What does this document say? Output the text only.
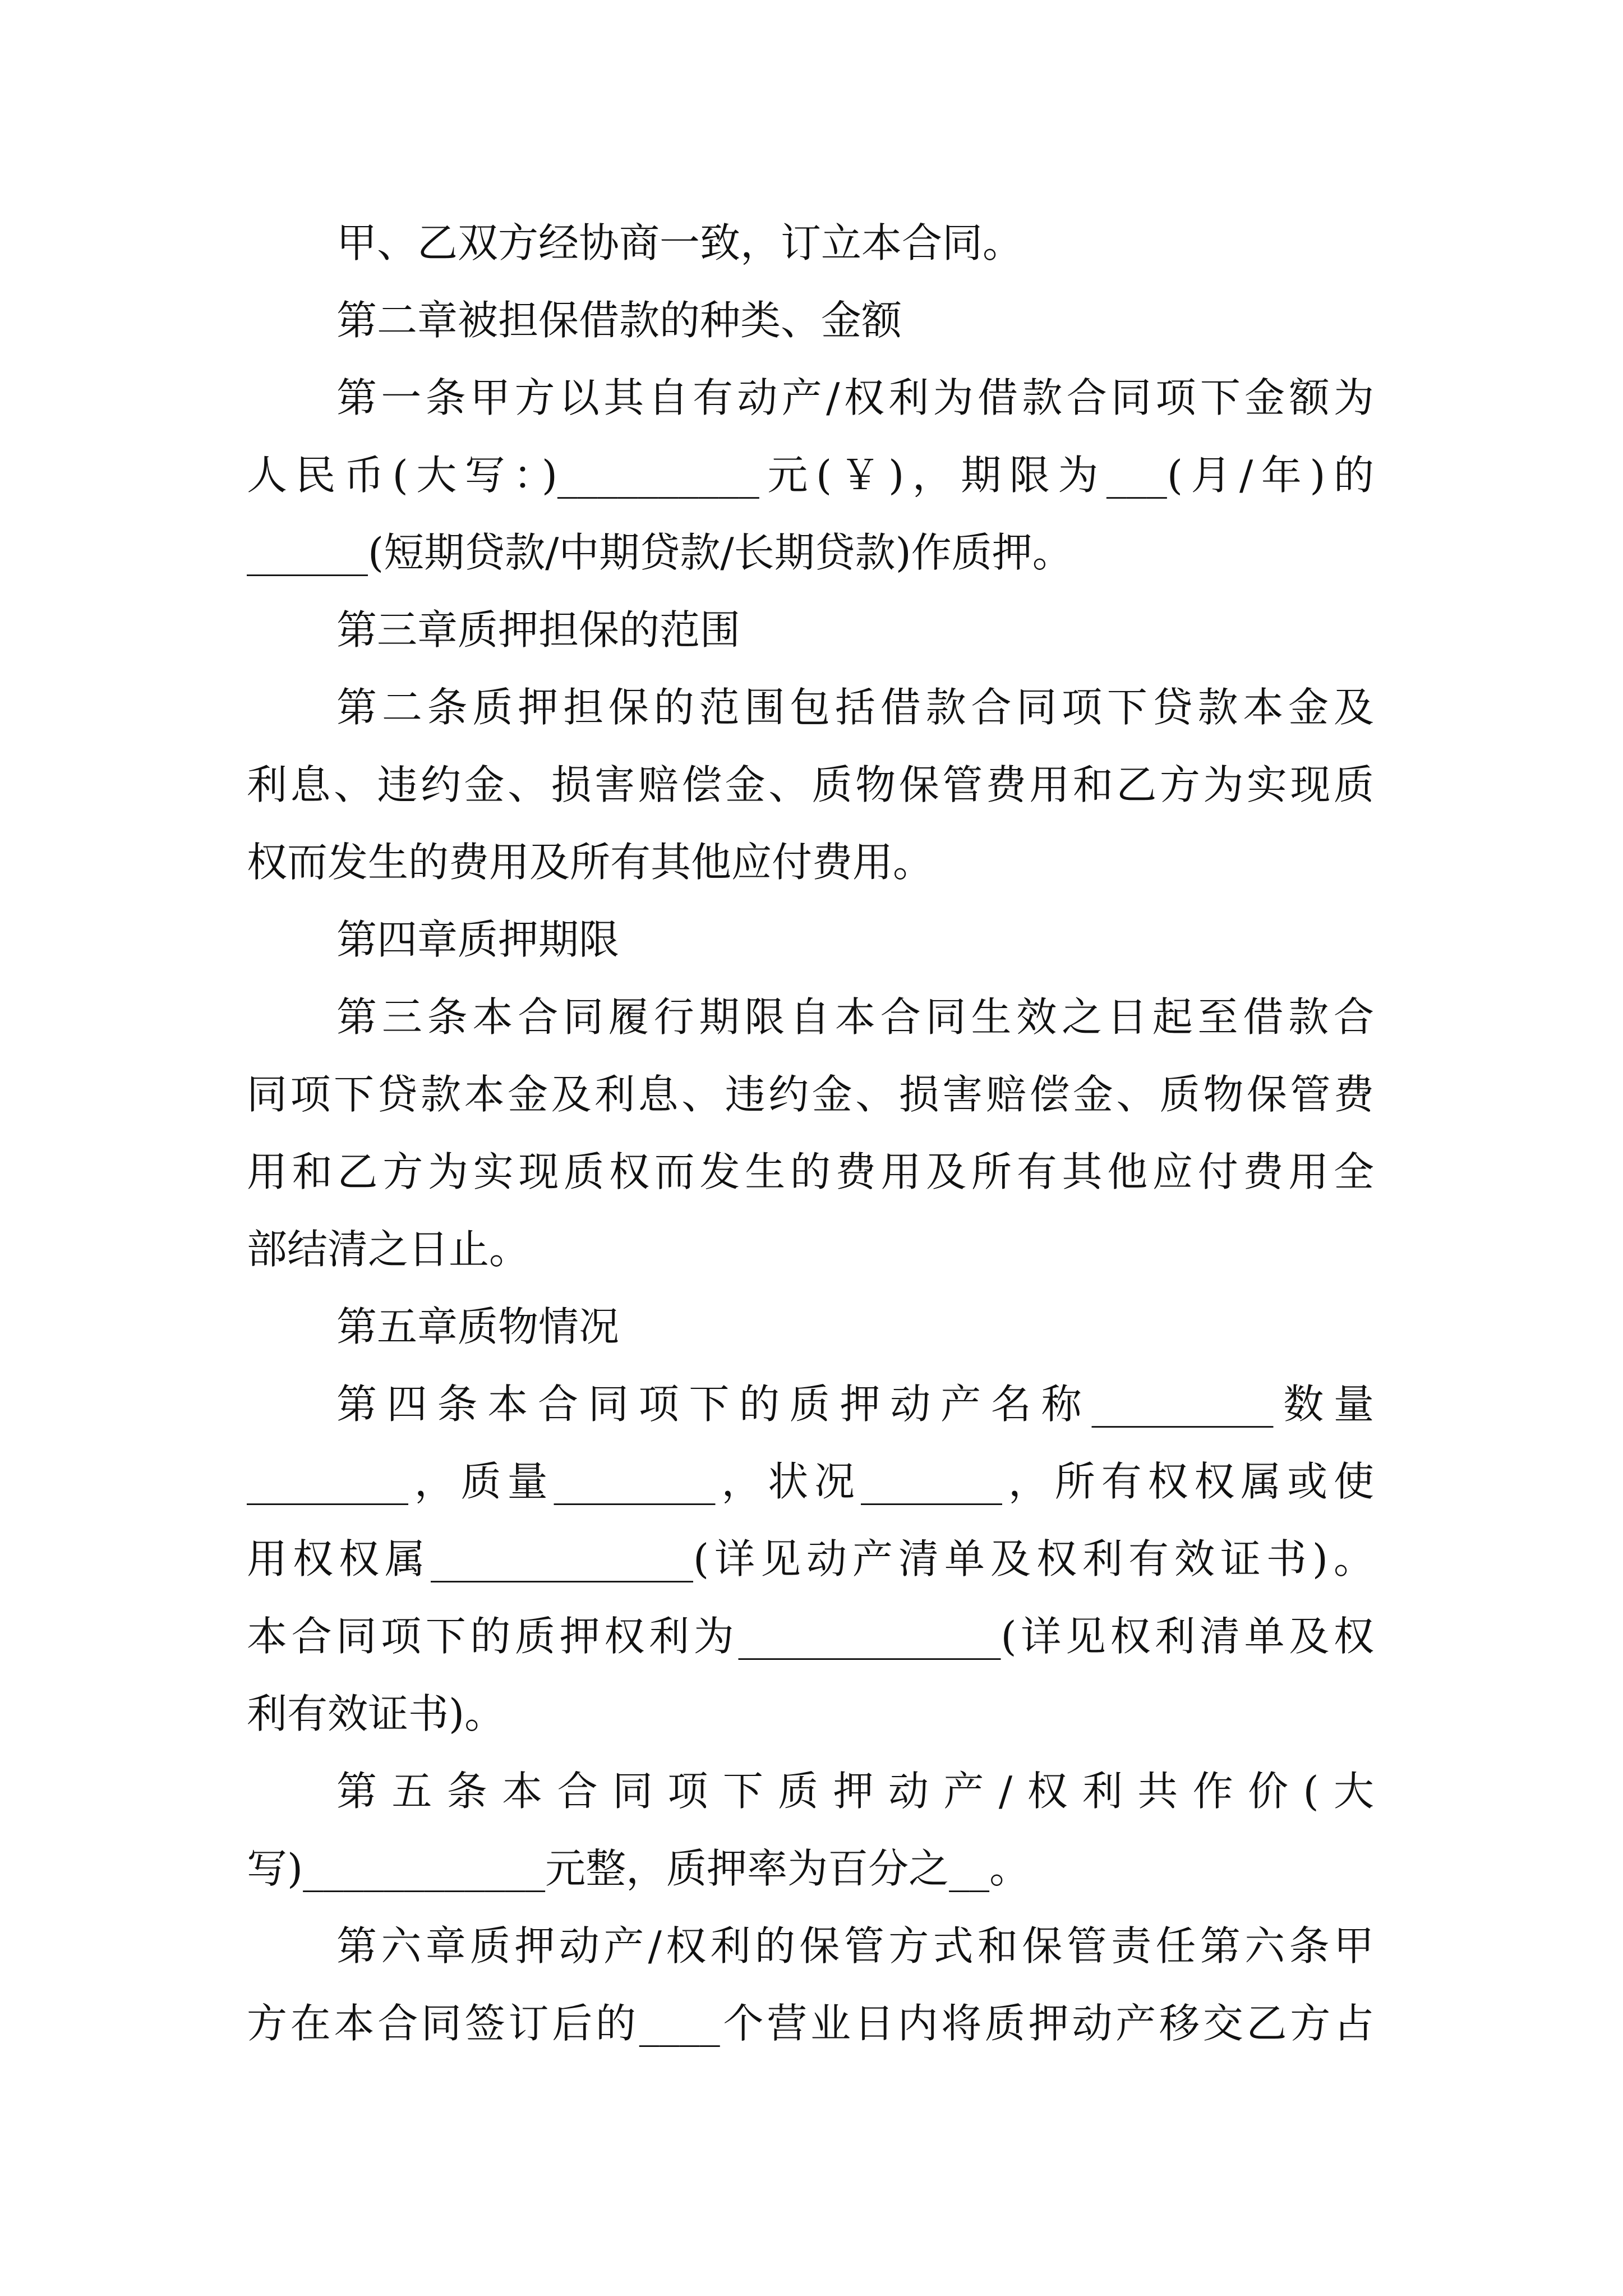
甲、乙双方经协商一致，订立本合同。
第二章被担保借款的种类、金额
第一条甲方以其自有动产/权利为借款合同项下金额为
人民币(大写：)__________元(￥)，期限为___(月/年)的
______(短期贷款/中期贷款/长期贷款)作质押。
第三章质押担保的范围
第二条质押担保的范围包括借款合同项下贷款本金及
利息、违约金、损害赔偿金、质物保管费用和乙方为实现质
权而发生的费用及所有其他应付费用。
第四章质押期限
第三条本合同履行期限自本合同生效之日起至借款合
同项下贷款本金及利息、违约金、损害赔偿金、质物保管费
用和乙方为实现质权而发生的费用及所有其他应付费用全
部结清之日止。
第五章质物情况
第四条本合同项下的质押动产名称_________数量
________，质量________，状况_______，所有权权属或使
用权权属_____________(详见动产清单及权利有效证书)。
本合同项下的质押权利为_____________(详见权利清单及权
利有效证书)。
第五条本合同项下质押动产/权利共作价(大
写)____________元整，质押率为百分之__。
第六章质押动产/权利的保管方式和保管责任第六条甲
方在本合同签订后的____个营业日内将质押动产移交乙方占
